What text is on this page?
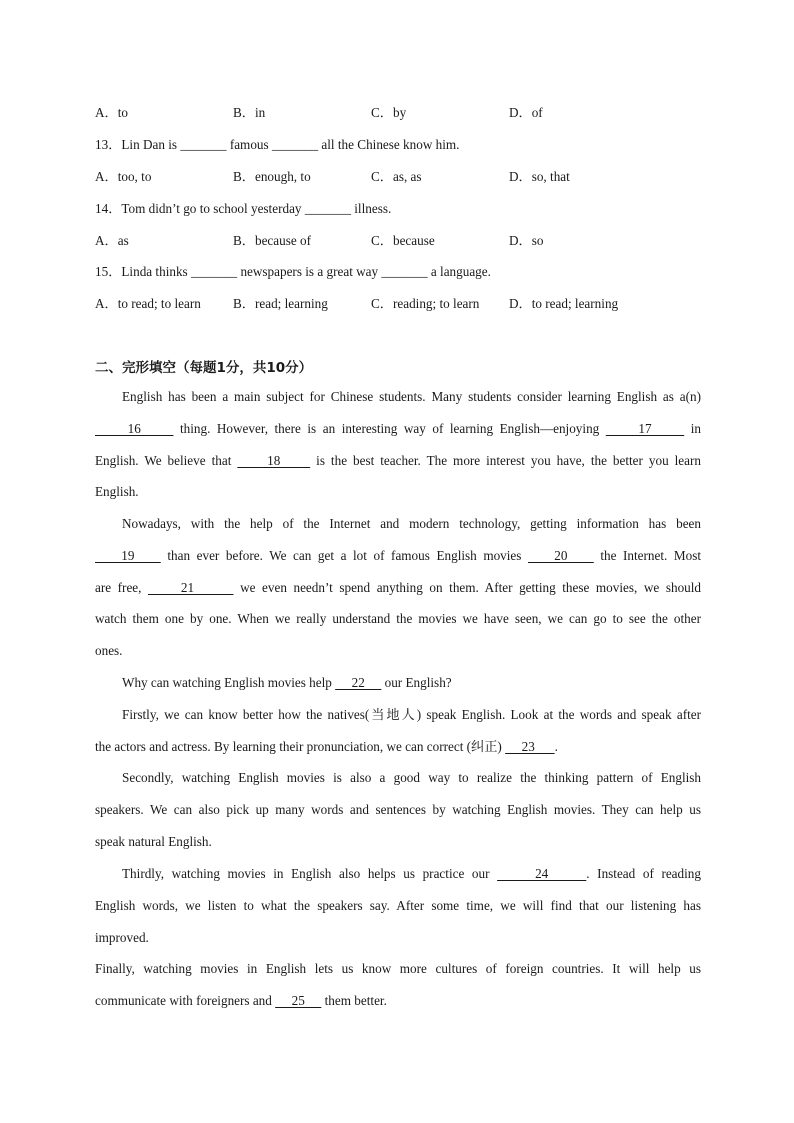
A．to	B．in	C．by	D．of
13．Lin Dan is _______ famous _______ all the Chinese know him.
A．too, to	B．enough, to	C．as, as	D．so, that
14．Tom didn’t go to school yesterday _______ illness.
A．as	B．because of	C．because	D．so
15．Linda thinks _______ newspapers is a great way _______ a language.
A．to read; to learn B．read; learning	C．reading; to learn D．to read; learning
二、完形填空（每题1分，共10分）
English has been a main subject for Chinese students. Many students consider learning English as a(n)
16      thing. However, there is an interesting way of learning English—enjoying      17      in
English. We believe that      18      is the best teacher. The more interest you have, the better you learn
English.
Nowadays, with the help of the Internet and modern technology, getting information has been
19     than ever before. We can get a lot of famous English movies     20     the Internet. Most
are free,      21       we even needn’t spend anything on them. After getting these movies, we should
watch them one by one. When we really understand the movies we have seen, we can go to see the other
ones.
Why can watching English movies help      22      our English?
Firstly, we can know better how the natives(当地人) speak English. Look at the words and speak after
the actors and actress. By learning their pronunciation, we can correct (纠正)      23      .
Secondly, watching English movies is also a good way to realize the thinking pattern of English
speakers. We can also pick up many words and sentences by watching English movies. They can help us
speak natural English.
Thirdly, watching movies in English also helps us practice our      24     . Instead of reading
English words, we listen to what the speakers say. After some time, we will find that our listening has
improved.
Finally, watching movies in English lets us know more cultures of foreign countries. It will help us
communicate with foreigners and      25      them better.
